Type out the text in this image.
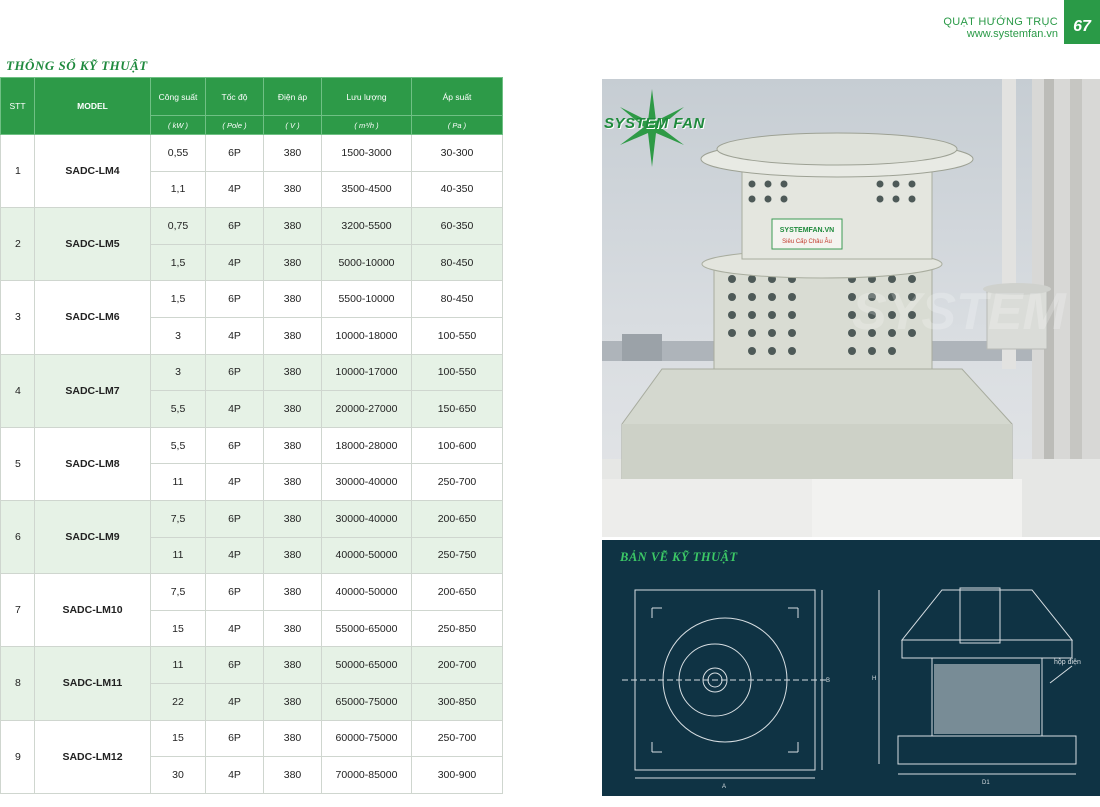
QUẠT HƯỚNG TRỤC
www.systemfan.vn 67
THÔNG SỐ KỸ THUẬT
STT	MODEL	Công suất	Tốc độ	Điện áp	Lưu lượng	Áp suất
		( kW )	( Pole )	( V )	( m³/h )	( Pa )
1	SADC-LM4	0,55	6P	380	1500-3000	30-300
		1,1	4P	380	3500-4500	40-350
2	SADC-LM5	0,75	6P	380	3200-5500	60-350
		1,5	4P	380	5000-10000	80-450
3	SADC-LM6	1,5	6P	380	5500-10000	80-450
		3	4P	380	10000-18000	100-550
4	SADC-LM7	3	6P	380	10000-17000	100-550
		5,5	4P	380	20000-27000	150-650
5	SADC-LM8	5,5	6P	380	18000-28000	100-600
		11	4P	380	30000-40000	250-700
6	SADC-LM9	7,5	6P	380	30000-40000	200-650
		11	4P	380	40000-50000	250-750
7	SADC-LM10	7,5	6P	380	40000-50000	200-650
		15	4P	380	55000-65000	250-850
8	SADC-LM11	11	6P	380	50000-65000	200-700
		22	4P	380	65000-75000	300-850
9	SADC-LM12	15	6P	380	60000-75000	250-700
		30	4P	380	70000-85000	300-900
SYSTEMFAN.VN
Siêu Cấp Châu Âu
SYSTEM
SYSTEM FAN
BẢN VẼ KỸ THUẬT
A
B	H
D1
hộp điện
